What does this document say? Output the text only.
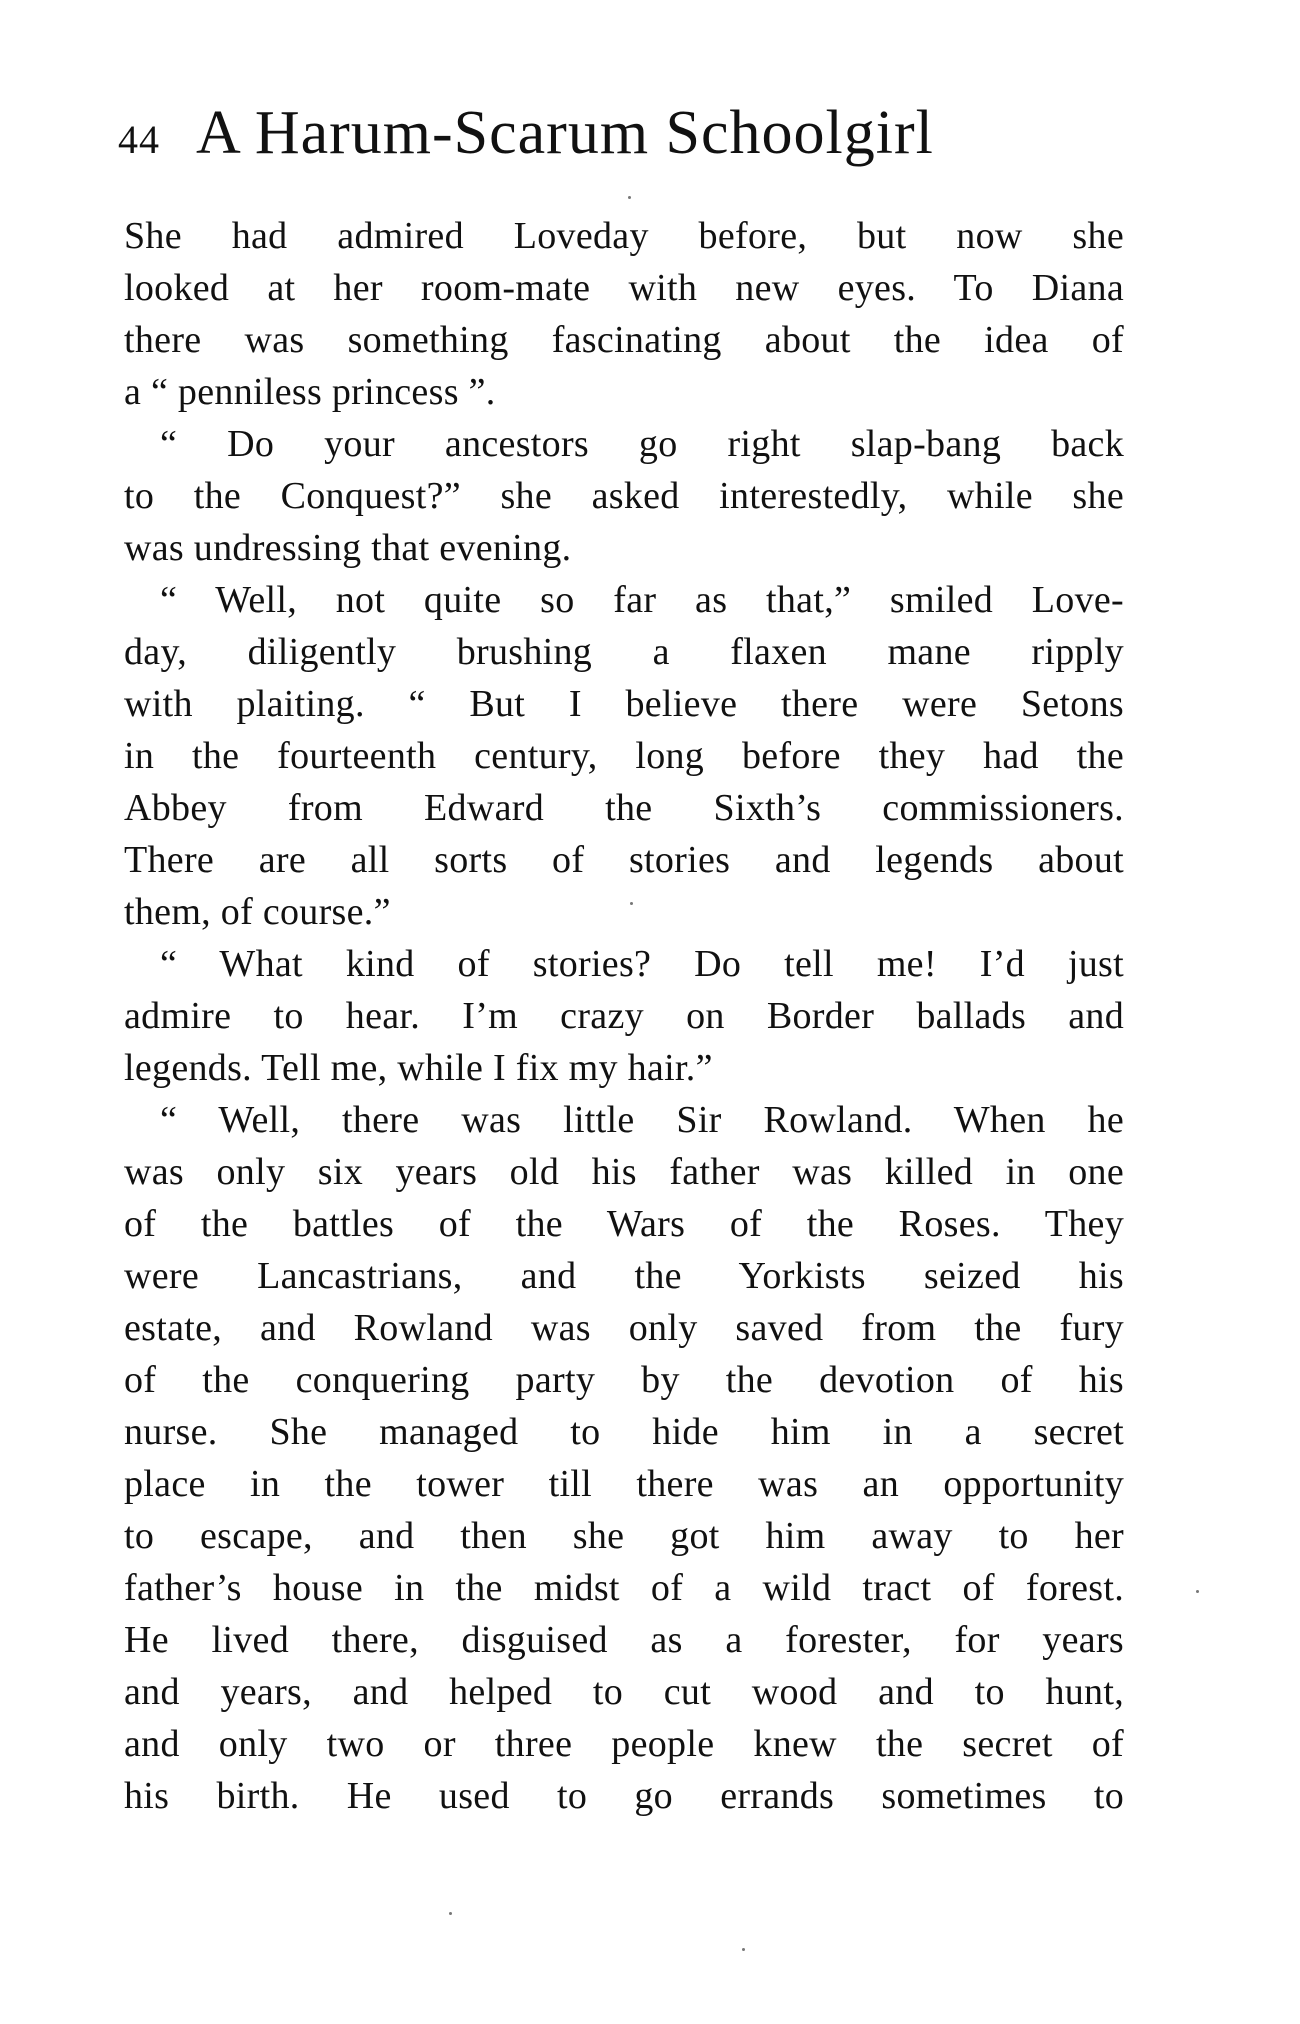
44 A Harum-Scarum Schoolgirl
She had admired Loveday before, but now she
looked at her room-mate with new eyes. To Diana
there was something fascinating about the idea of
a “ penniless princess ”.
“ Do your ancestors go right slap-bang back
to the Conquest?” she asked interestedly, while she
was undressing that evening.
“ Well, not quite so far as that,” smiled Love-
day, diligently brushing a flaxen mane ripply
with plaiting. “ But I believe there were Setons
in the fourteenth century, long before they had the
Abbey from Edward the Sixth’s commissioners.
There are all sorts of stories and legends about
them, of course.”
“ What kind of stories? Do tell me! I’d just
admire to hear. I’m crazy on Border ballads and
legends. Tell me, while I fix my hair.”
“ Well, there was little Sir Rowland. When he
was only six years old his father was killed in one
of the battles of the Wars of the Roses. They
were Lancastrians, and the Yorkists seized his
estate, and Rowland was only saved from the fury
of the conquering party by the devotion of his
nurse. She managed to hide him in a secret
place in the tower till there was an opportunity
to escape, and then she got him away to her
father’s house in the midst of a wild tract of forest.
He lived there, disguised as a forester, for years
and years, and helped to cut wood and to hunt,
and only two or three people knew the secret of
his birth. He used to go errands sometimes to
